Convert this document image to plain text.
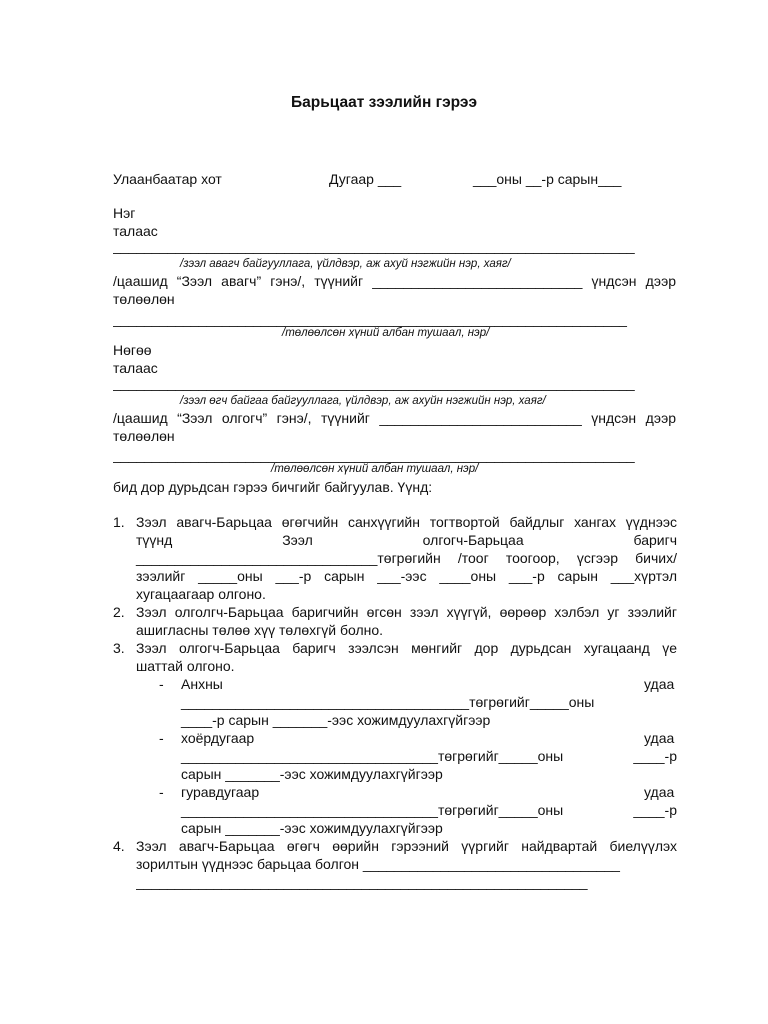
Барьцаат зээлийн гэрээ
Улаанбаатар хот	Дугаар ___	___оны __-р сарын___
Нэг
талаас
___________________________________________________________________
/зээл авагч байгууллага, үйлдвэр, аж ахуй нэгжийн нэр, хаяг/
/цаашид “Зээл авагч” гэнэ/, түүнийг ___________________________ үндсэн дээр
төлөөлөн
__________________________________________________________________
/төлөөлсөн хүний албан тушаал, нэр/
Нөгөө
талаас
___________________________________________________________________
/зээл өгч байгаа байгууллага, үйлдвэр, аж ахуйн нэгжийн нэр, хаяг/
/цаашид “Зээл олгогч” гэнэ/, түүнийг __________________________ үндсэн дээр
төлөөлөн
___________________________________________________________________
/төлөөлсөн хүний албан тушаал, нэр/
бид дор дурьдсан гэрээ бичгийг байгуулав. Үүнд:
1. Зээл авагч-Барьцаа өгөгчийн санхүүгийн тогтвортой байдлыг хангах үүднээс
түүнд Зээл олгогч-Барьцаа баригч
_______________________________төгрөгийн /тоог тоогоор, үсгээр бичих/
зээлийг _____оны ___-р сарын ___-ээс ____оны ___-р сарын ___хүртэл
хугацаагаар олгоно.
2. Зээл олголгч-Барьцаа баригчийн өгсөн зээл хүүгүй, өөрөөр хэлбэл уг зээлийг
ашигласны төлөө хүү төлөхгүй болно.
3. Зээл олгогч-Барьцаа баригч зээлсэн мөнгийг дор дурьдсан хугацаанд үе
шаттай олгоно.
- Анхны	удаа
_____________________________________төгрөгийг_____оны
____-р сарын _______-ээс хожимдуулахгүйгээр
- хоёрдугаар	удаа
_________________________________төгрөгийг_____оны ____-р
сарын _______-ээс хожимдуулахгүйгээр
- гуравдугаар	удаа
_________________________________төгрөгийг_____оны ____-р
сарын _______-ээс хожимдуулахгүйгээр
4. Зээл авагч-Барьцаа өгөгч өөрийн гэрээний үүргийг найдвартай биелүүлэх
зорилтын үүднээс барьцаа болгон _________________________________
__________________________________________________________
